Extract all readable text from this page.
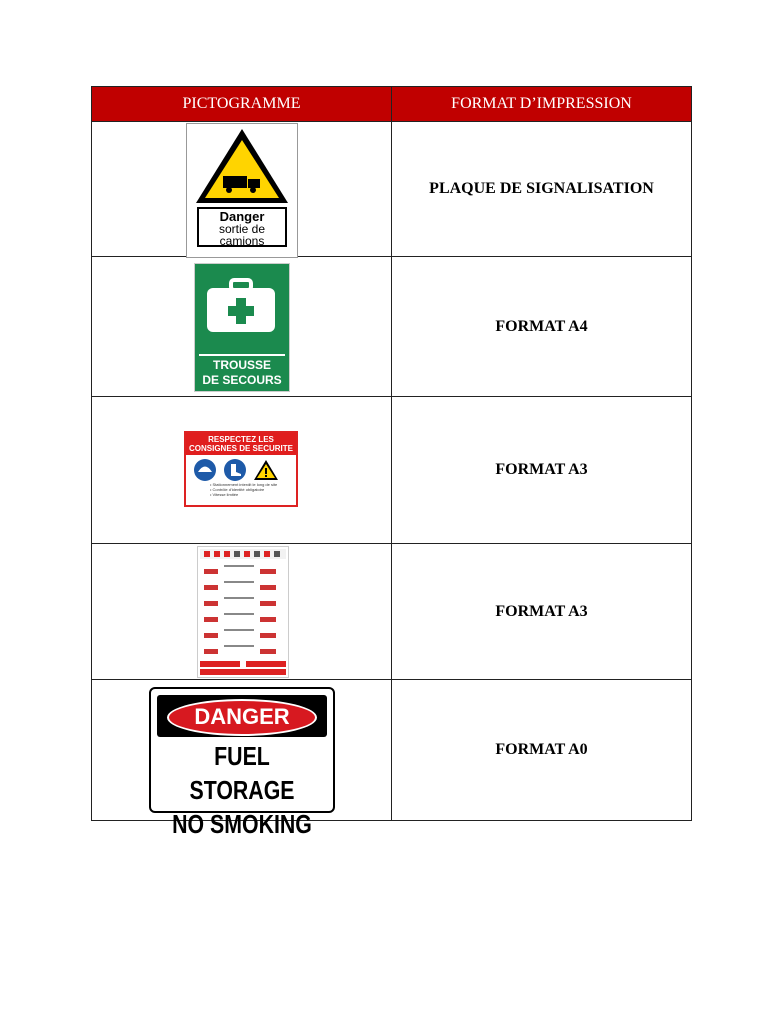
PICTOGRAMME	FORMAT D’IMPRESSION

Danger
sortie de
camions	PLAQUE DE SIGNALISATION

TROUSSE
DE SECOURS	FORMAT A4

RESPECTEZ LES
CONSIGNES DE SECURITE
• Stationnement interdit le long de site
• Contrôle d'identité obligatoire
• Vitesse limitée	FORMAT A3

	FORMAT A3

DANGER
FUEL STORAGE
NO SMOKING	FORMAT A0
